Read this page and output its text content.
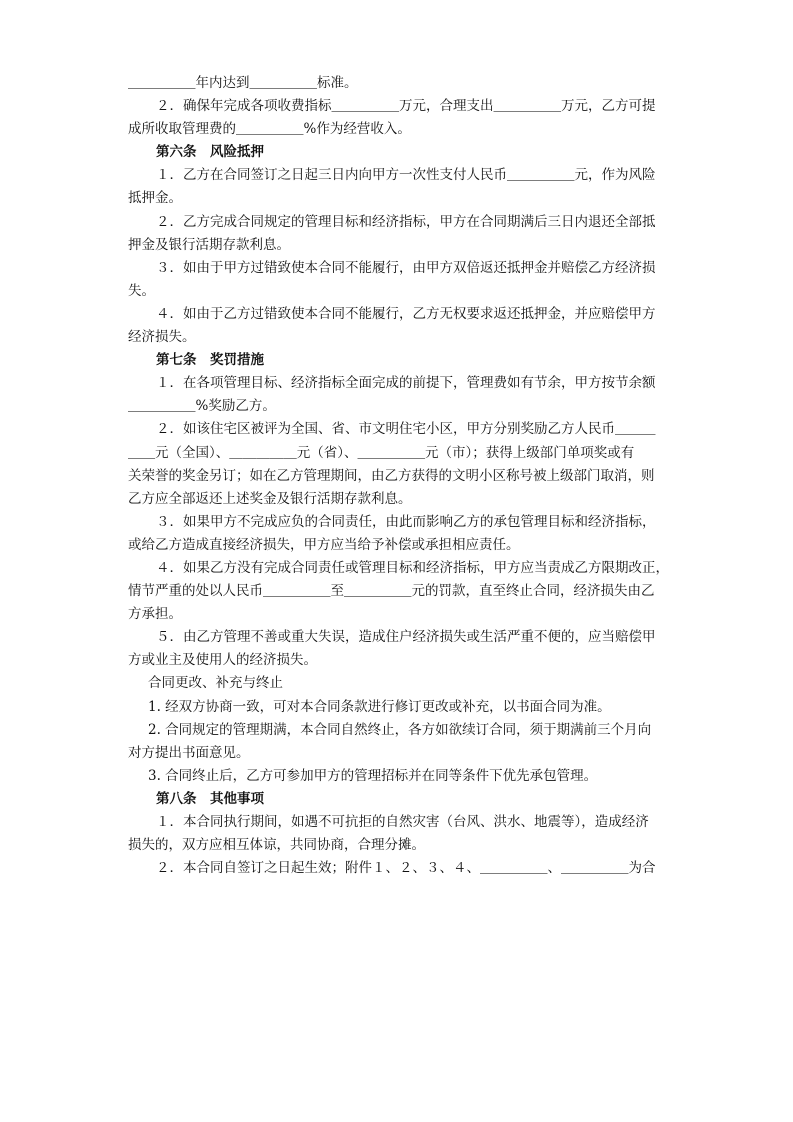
＿＿＿＿＿年内达到＿＿＿＿＿标准。
２．确保年完成各项收费指标＿＿＿＿＿万元，合理支出＿＿＿＿＿万元，乙方可提
成所收取管理费的＿＿＿＿＿%作为经营收入。
第六条　风险抵押
１．乙方在合同签订之日起三日内向甲方一次性支付人民币＿＿＿＿＿元，作为风险
抵押金。
２．乙方完成合同规定的管理目标和经济指标，甲方在合同期满后三日内退还全部抵
押金及银行活期存款利息。
３．如由于甲方过错致使本合同不能履行，由甲方双倍返还抵押金并赔偿乙方经济损
失。
４．如由于乙方过错致使本合同不能履行，乙方无权要求返还抵押金，并应赔偿甲方
经济损失。
第七条　奖罚措施
１．在各项管理目标、经济指标全面完成的前提下，管理费如有节余，甲方按节余额
＿＿＿＿＿%奖励乙方。
２．如该住宅区被评为全国、省、市文明住宅小区，甲方分别奖励乙方人民币＿＿＿
＿＿元（全国）、＿＿＿＿＿元（省）、＿＿＿＿＿元（市）；获得上级部门单项奖或有
关荣誉的奖金另订；如在乙方管理期间，由乙方获得的文明小区称号被上级部门取消，则
乙方应全部返还上述奖金及银行活期存款利息。
３．如果甲方不完成应负的合同责任，由此而影响乙方的承包管理目标和经济指标，
或给乙方造成直接经济损失，甲方应当给予补偿或承担相应责任。
４．如果乙方没有完成合同责任或管理目标和经济指标，甲方应当责成乙方限期改正，
情节严重的处以人民币＿＿＿＿＿至＿＿＿＿＿元的罚款，直至终止合同，经济损失由乙
方承担。
５．由乙方管理不善或重大失误，造成住户经济损失或生活严重不便的，应当赔偿甲
方或业主及使用人的经济损失。
合同更改、补充与终止
1. 经双方协商一致，可对本合同条款进行修订更改或补充，以书面合同为准。
2. 合同规定的管理期满，本合同自然终止，各方如欲续订合同，须于期满前三个月向
对方提出书面意见。
3. 合同终止后，乙方可参加甲方的管理招标并在同等条件下优先承包管理。
第八条　其他事项
１．本合同执行期间，如遇不可抗拒的自然灾害（台风、洪水、地震等），造成经济
损失的，双方应相互体谅，共同协商，合理分摊。
２．本合同自签订之日起生效；附件１、２、３、４、＿＿＿＿＿、＿＿＿＿＿为合
